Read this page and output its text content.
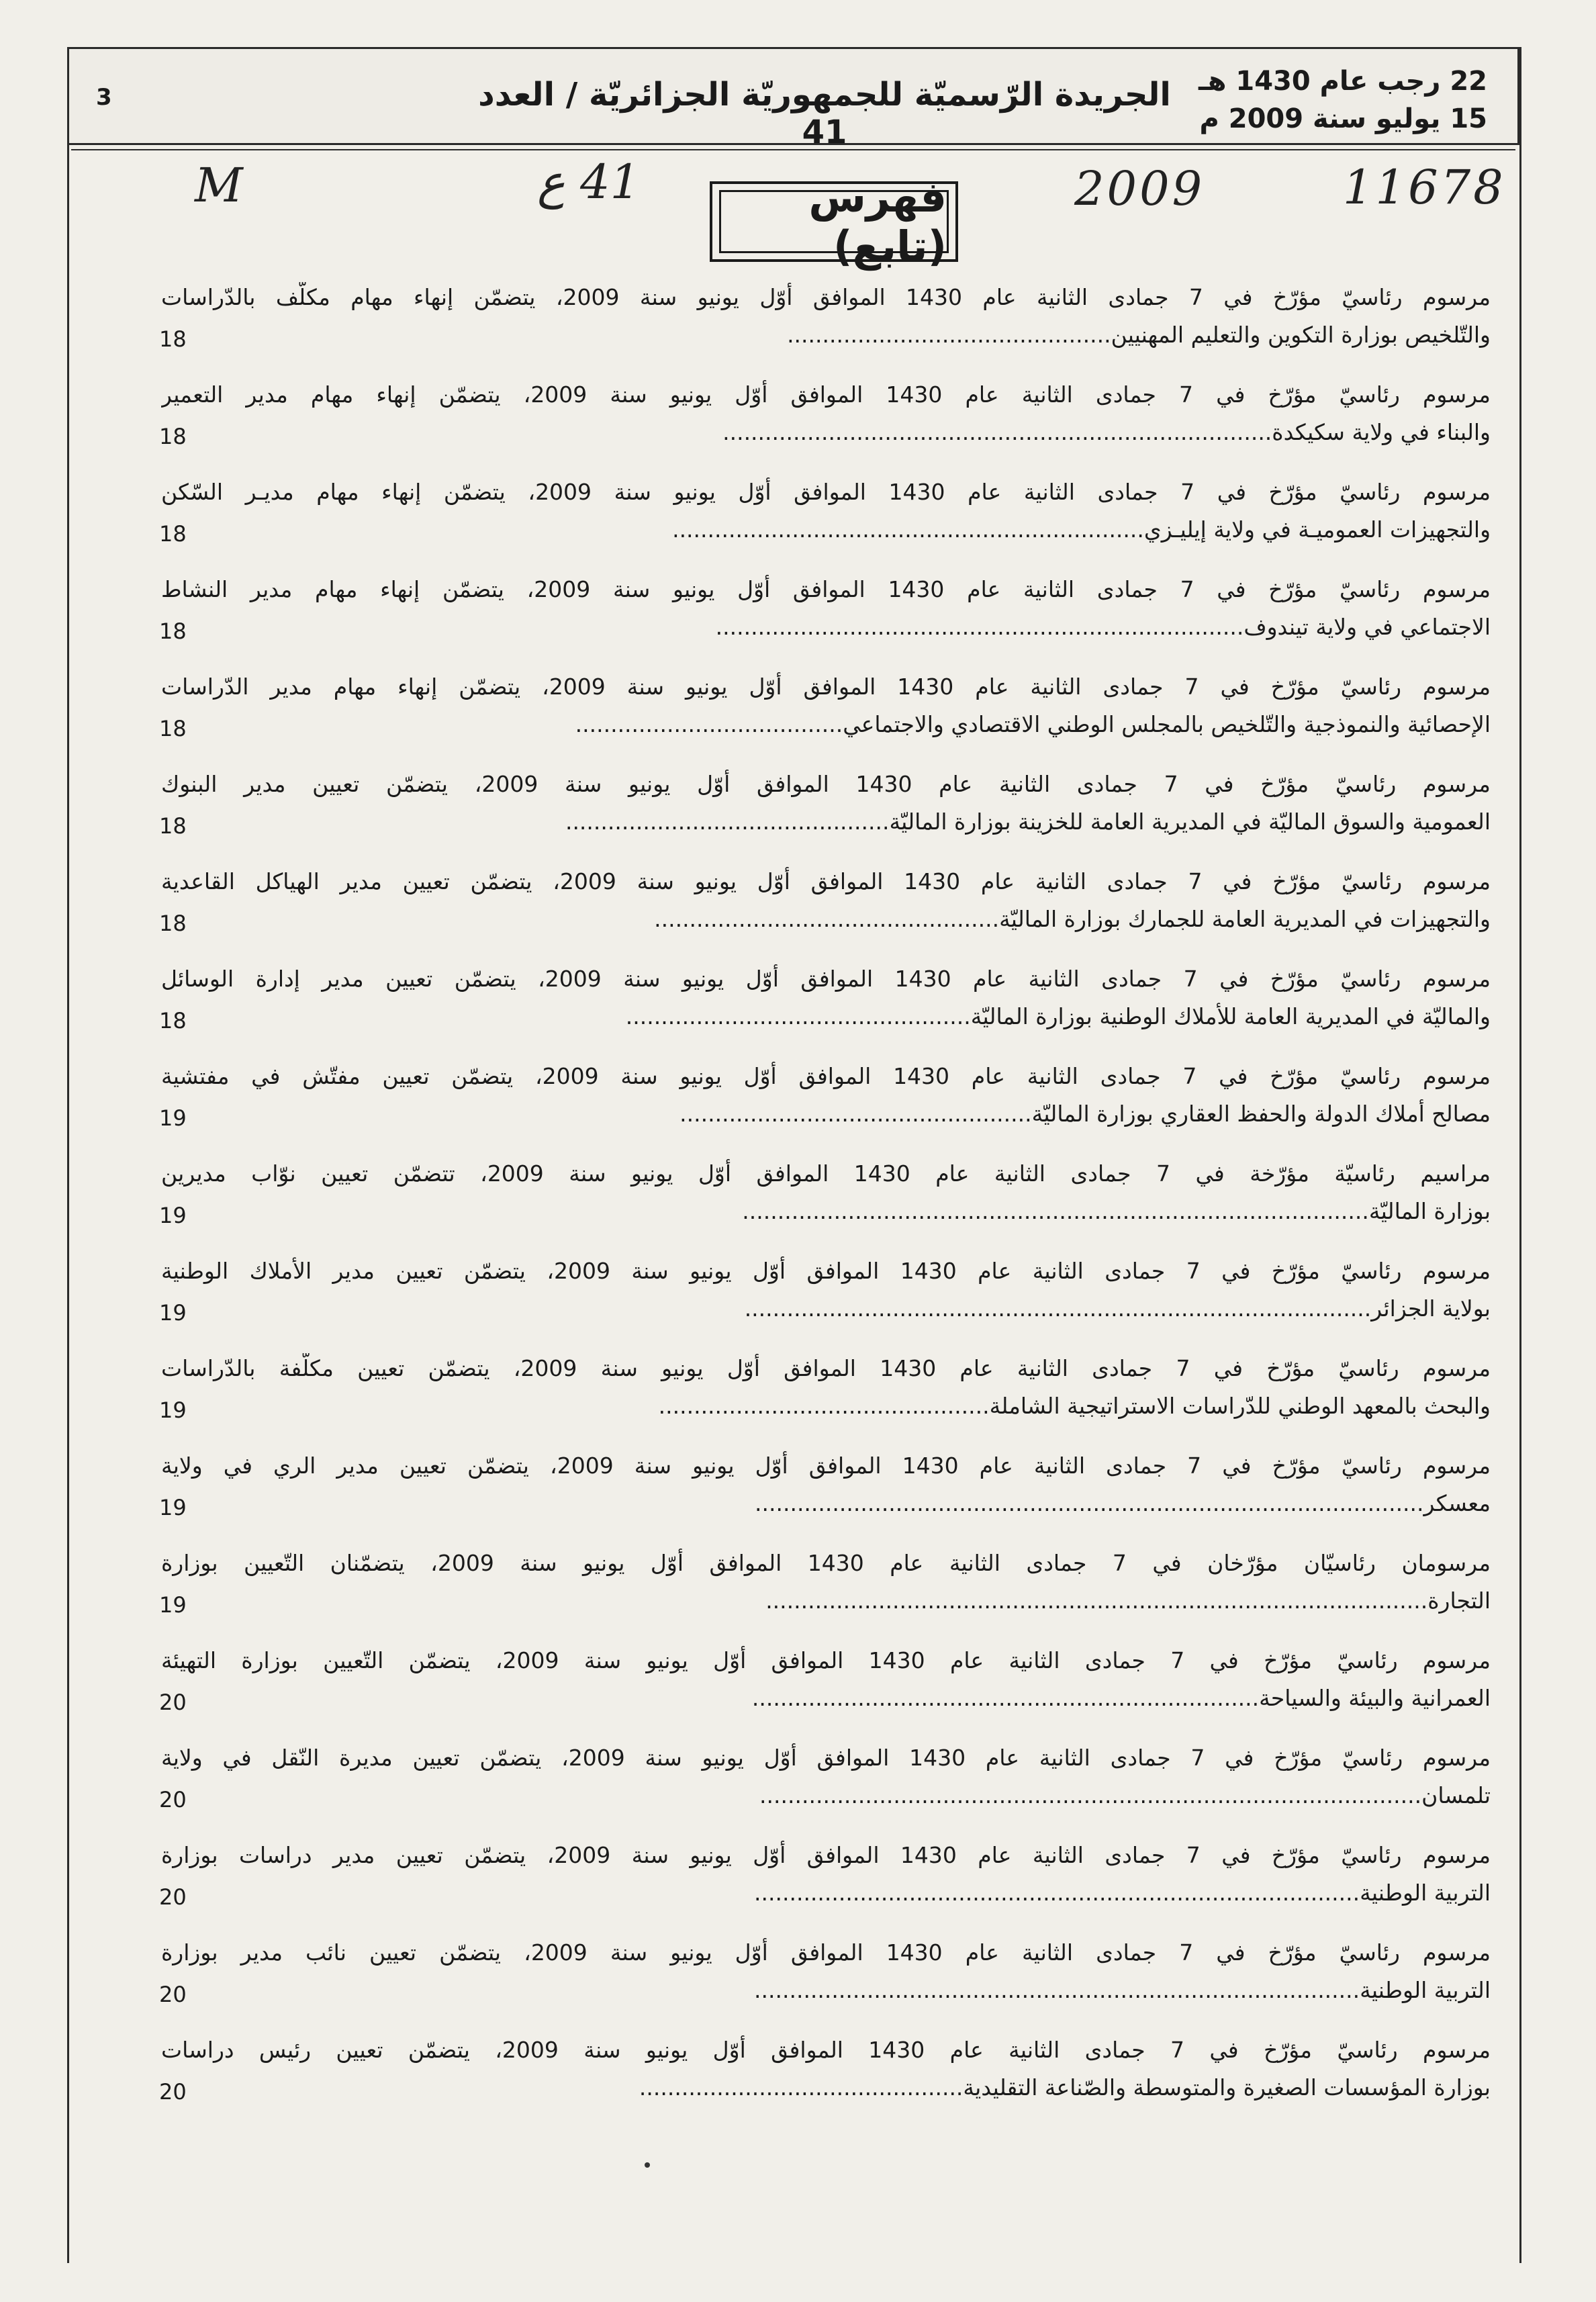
3	الجريدة الرّسميّة للجمهوريّة الجزائريّة / العدد 41
22 رجب عام 1430 هـ
15 يوليو سنة 2009 م
M	41 ع	2009	11678
فهرس (تابع)
مرسوم رئاسيّ مؤرّخ في 7 جمادى الثانية عام 1430 الموافق أوّل يونيو سنة 2009، يتضمّن إنهاء مهام مكلّف بالدّراسات
والتّلخيص بوزارة التكوين والتعليم المهنيين..............................................
18
مرسوم رئاسيّ مؤرّخ في 7 جمادى الثانية عام 1430 الموافق أوّل يونيو سنة 2009، يتضمّن إنهاء مهام مدير التعمير
والبناء في ولاية سكيكدة..............................................................................
18
مرسوم رئاسيّ مؤرّخ في 7 جمادى الثانية عام 1430 الموافق أوّل يونيو سنة 2009، يتضمّن إنهاء مهام مديـر السّكن
والتجهيزات العموميـة في ولاية إيليـزي...................................................................
18
مرسوم رئاسيّ مؤرّخ في 7 جمادى الثانية عام 1430 الموافق أوّل يونيو سنة 2009، يتضمّن إنهاء مهام مدير النشاط
الاجتماعي في ولاية تيندوف...........................................................................
18
مرسوم رئاسيّ مؤرّخ في 7 جمادى الثانية عام 1430 الموافق أوّل يونيو سنة 2009، يتضمّن إنهاء مهام مدير الدّراسات
الإحصائية والنموذجية والتّلخيص بالمجلس الوطني الاقتصادي والاجتماعي......................................
18
مرسوم رئاسيّ مؤرّخ في 7 جمادى الثانية عام 1430 الموافق أوّل يونيو سنة 2009، يتضمّن تعيين مدير البنوك
العمومية والسوق الماليّة في المديرية العامة للخزينة بوزارة الماليّة..............................................
18
مرسوم رئاسيّ مؤرّخ في 7 جمادى الثانية عام 1430 الموافق أوّل يونيو سنة 2009، يتضمّن تعيين مدير الهياكل القاعدية
والتجهيزات في المديرية العامة للجمارك بوزارة الماليّة.................................................
18
مرسوم رئاسيّ مؤرّخ في 7 جمادى الثانية عام 1430 الموافق أوّل يونيو سنة 2009، يتضمّن تعيين مدير إدارة الوسائل
والماليّة في المديرية العامة للأملاك الوطنية بوزارة الماليّة.................................................
18
مرسوم رئاسيّ مؤرّخ في 7 جمادى الثانية عام 1430 الموافق أوّل يونيو سنة 2009، يتضمّن تعيين مفتّش في مفتشية
مصالح أملاك الدولة والحفظ العقاري بوزارة الماليّة..................................................
19
مراسيم رئاسيّة مؤرّخة في 7 جمادى الثانية عام 1430 الموافق أوّل يونيو سنة 2009، تتضمّن تعيين نوّاب مديرين
بوزارة الماليّة.........................................................................................
19
مرسوم رئاسيّ مؤرّخ في 7 جمادى الثانية عام 1430 الموافق أوّل يونيو سنة 2009، يتضمّن تعيين مدير الأملاك الوطنية
بولاية الجزائر.........................................................................................
19
مرسوم رئاسيّ مؤرّخ في 7 جمادى الثانية عام 1430 الموافق أوّل يونيو سنة 2009، يتضمّن تعيين مكلّفة بالدّراسات
والبحث بالمعهد الوطني للدّراسات الاستراتيجية الشاملة...............................................
19
مرسوم رئاسيّ مؤرّخ في 7 جمادى الثانية عام 1430 الموافق أوّل يونيو سنة 2009، يتضمّن تعيين مدير الري في ولاية
معسكر...............................................................................................
19
مرسومان رئاسيّان مؤرّخان في 7 جمادى الثانية عام 1430 الموافق أوّل يونيو سنة 2009، يتضمّنان التّعيين بوزارة
التجارة..............................................................................................
19
مرسوم رئاسيّ مؤرّخ في 7 جمادى الثانية عام 1430 الموافق أوّل يونيو سنة 2009، يتضمّن التّعيين بوزارة التهيئة
العمرانية والبيئة والسياحة........................................................................
20
مرسوم رئاسيّ مؤرّخ في 7 جمادى الثانية عام 1430 الموافق أوّل يونيو سنة 2009، يتضمّن تعيين مديرة النّقل في ولاية
تلمسان..............................................................................................
20
مرسوم رئاسيّ مؤرّخ في 7 جمادى الثانية عام 1430 الموافق أوّل يونيو سنة 2009، يتضمّن تعيين مدير دراسات بوزارة
التربية الوطنية......................................................................................
20
مرسوم رئاسيّ مؤرّخ في 7 جمادى الثانية عام 1430 الموافق أوّل يونيو سنة 2009، يتضمّن تعيين نائب مدير بوزارة
التربية الوطنية......................................................................................
20
مرسوم رئاسيّ مؤرّخ في 7 جمادى الثانية عام 1430 الموافق أوّل يونيو سنة 2009، يتضمّن تعيين رئيس دراسات
بوزارة المؤسسات الصغيرة والمتوسطة والصّناعة التقليدية..............................................
20
